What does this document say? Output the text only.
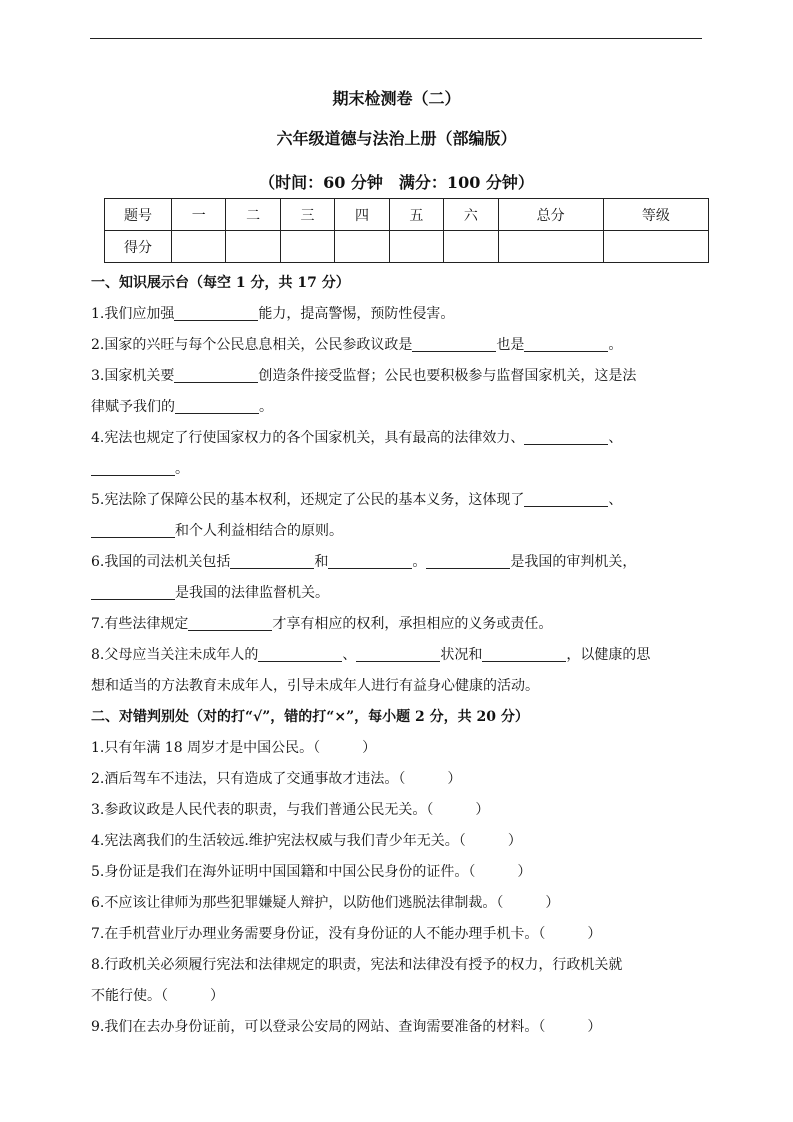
期末检测卷（二）
六年级道德与法治上册（部编版）
（时间：60 分钟　满分：100 分钟）
题号	一	二	三	四	五	六	总分	等级
得分								
一、知识展示台（每空 1 分，共 17 分）
1.我们应加强	能力，提高警惕，预防性侵害。
2.国家的兴旺与每个公民息息相关，公民参政议政是	也是	。
3.国家机关要	创造条件接受监督；公民也要积极参与监督国家机关，这是法
律赋予我们的	。
4.宪法也规定了行使国家权力的各个国家机关，具有最高的法律效力、	、
。
5.宪法除了保障公民的基本权利，还规定了公民的基本义务，这体现了	、
和个人利益相结合的原则。
6.我国的司法机关包括	和	。	是我国的审判机关，
是我国的法律监督机关。
7.有些法律规定	才享有相应的权利，承担相应的义务或责任。
8.父母应当关注未成年人的	、	状况和	，以健康的思
想和适当的方法教育未成年人，引导未成年人进行有益身心健康的活动。
二、对错判别处（对的打“√”，错的打“×”，每小题 2 分，共 20 分）
1.只有年满 18 周岁才是中国公民。（	）
2.酒后驾车不违法，只有造成了交通事故才违法。（	）
3.参政议政是人民代表的职责，与我们普通公民无关。（	）
4.宪法离我们的生活较远.维护宪法权威与我们青少年无关。（	）
5.身份证是我们在海外证明中国国籍和中国公民身份的证件。（	）
6.不应该让律师为那些犯罪嫌疑人辩护，以防他们逃脱法律制裁。（	）
7.在手机营业厅办理业务需要身份证，没有身份证的人不能办理手机卡。（	）
8.行政机关必须履行宪法和法律规定的职责，宪法和法律没有授予的权力，行政机关就
不能行使。（	）
9.我们在去办身份证前，可以登录公安局的网站、查询需要准备的材料。（	）
